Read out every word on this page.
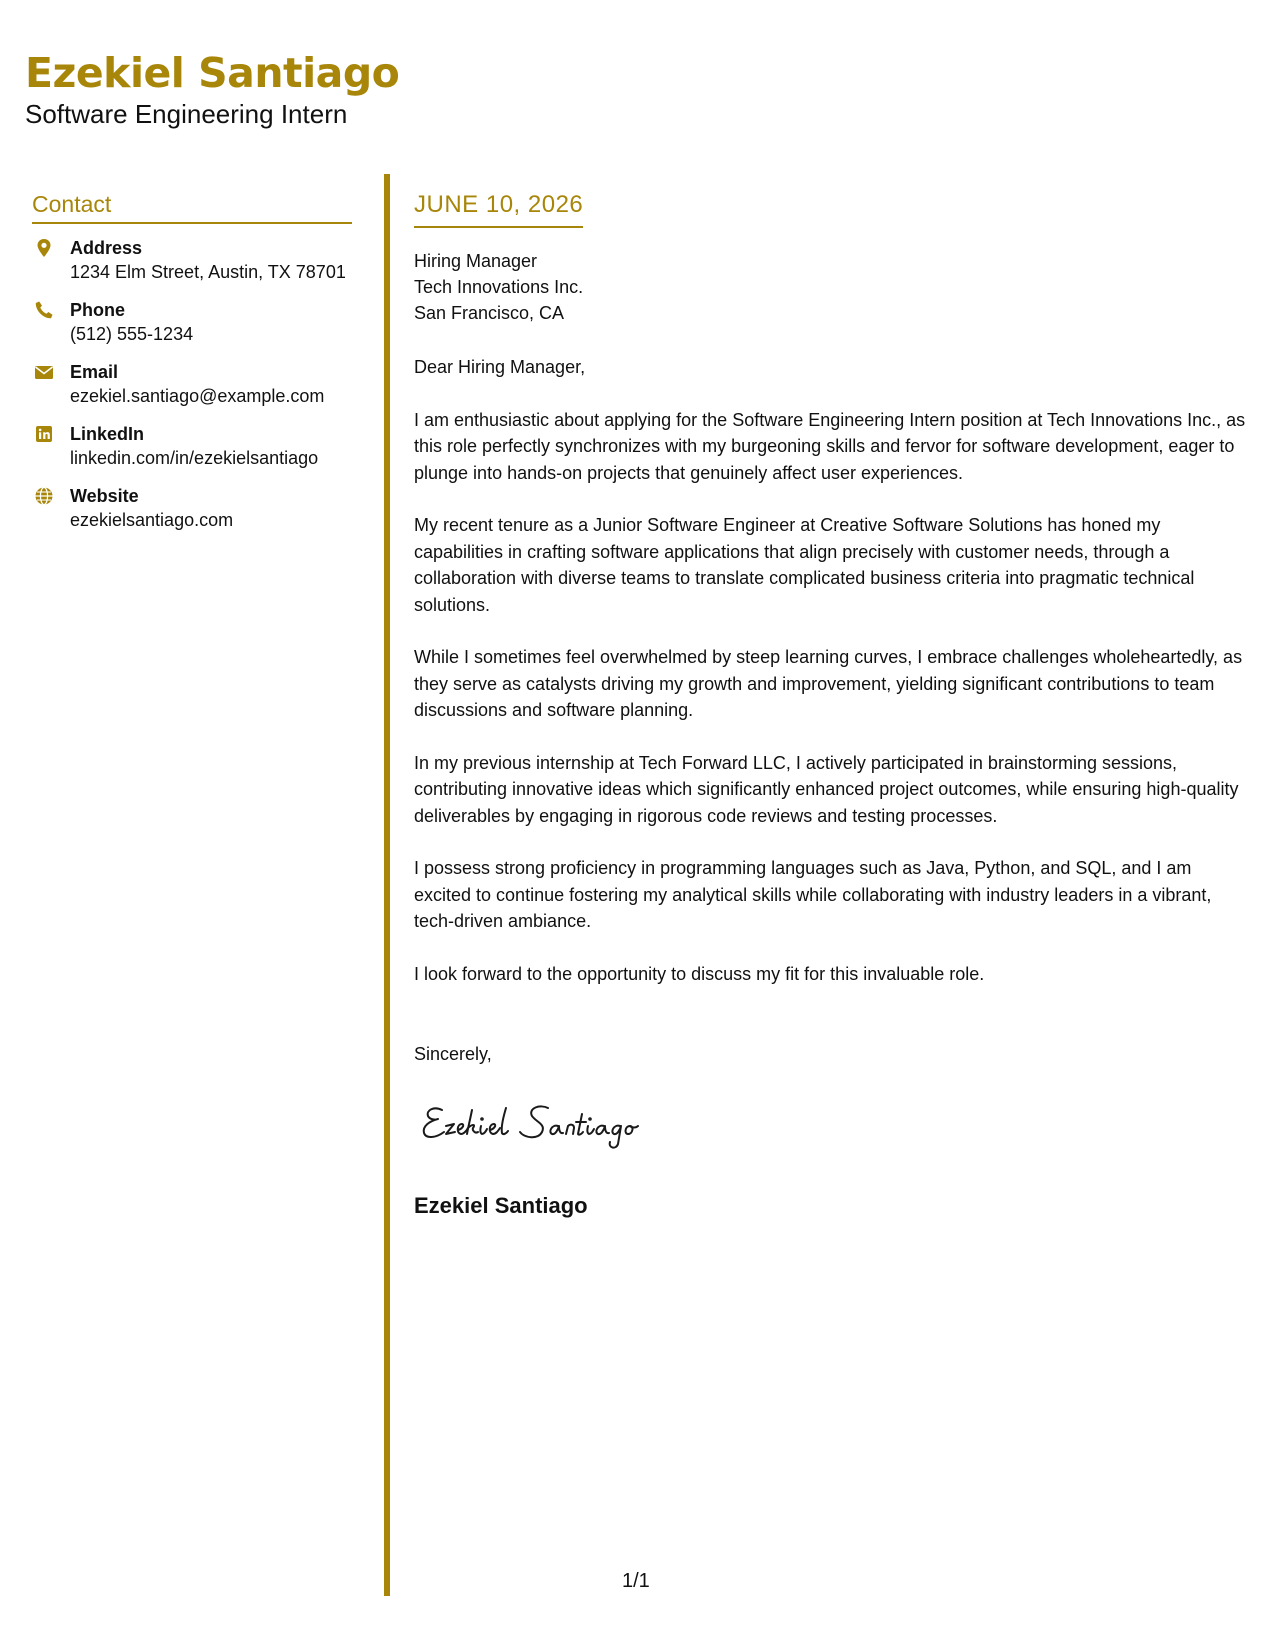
Ezekiel Santiago
Software Engineering Intern
Contact
Address
1234 Elm Street, Austin, TX 78701
Phone
(512) 555-1234
Email
ezekiel.santiago@example.com
LinkedIn
linkedin.com/in/ezekielsantiago
Website
ezekielsantiago.com
JUNE 10, 2026
Hiring Manager
Tech Innovations Inc.
San Francisco, CA
Dear Hiring Manager,

I am enthusiastic about applying for the Software Engineering Intern position at Tech Innovations Inc., as this role perfectly synchronizes with my burgeoning skills and fervor for software development, eager to plunge into hands-on projects that genuinely affect user experiences.

My recent tenure as a Junior Software Engineer at Creative Software Solutions has honed my capabilities in crafting software applications that align precisely with customer needs, through a collaboration with diverse teams to translate complicated business criteria into pragmatic technical solutions.

While I sometimes feel overwhelmed by steep learning curves, I embrace challenges wholeheartedly, as they serve as catalysts driving my growth and improvement, yielding significant contributions to team discussions and software planning.

In my previous internship at Tech Forward LLC, I actively participated in brainstorming sessions, contributing innovative ideas which significantly enhanced project outcomes, while ensuring high-quality deliverables by engaging in rigorous code reviews and testing processes.

I possess strong proficiency in programming languages such as Java, Python, and SQL, and I am excited to continue fostering my analytical skills while collaborating with industry leaders in a vibrant, tech-driven ambiance.

I look forward to the opportunity to discuss my fit for this invaluable role.

Sincerely,
Ezekiel Santiago
1/1
